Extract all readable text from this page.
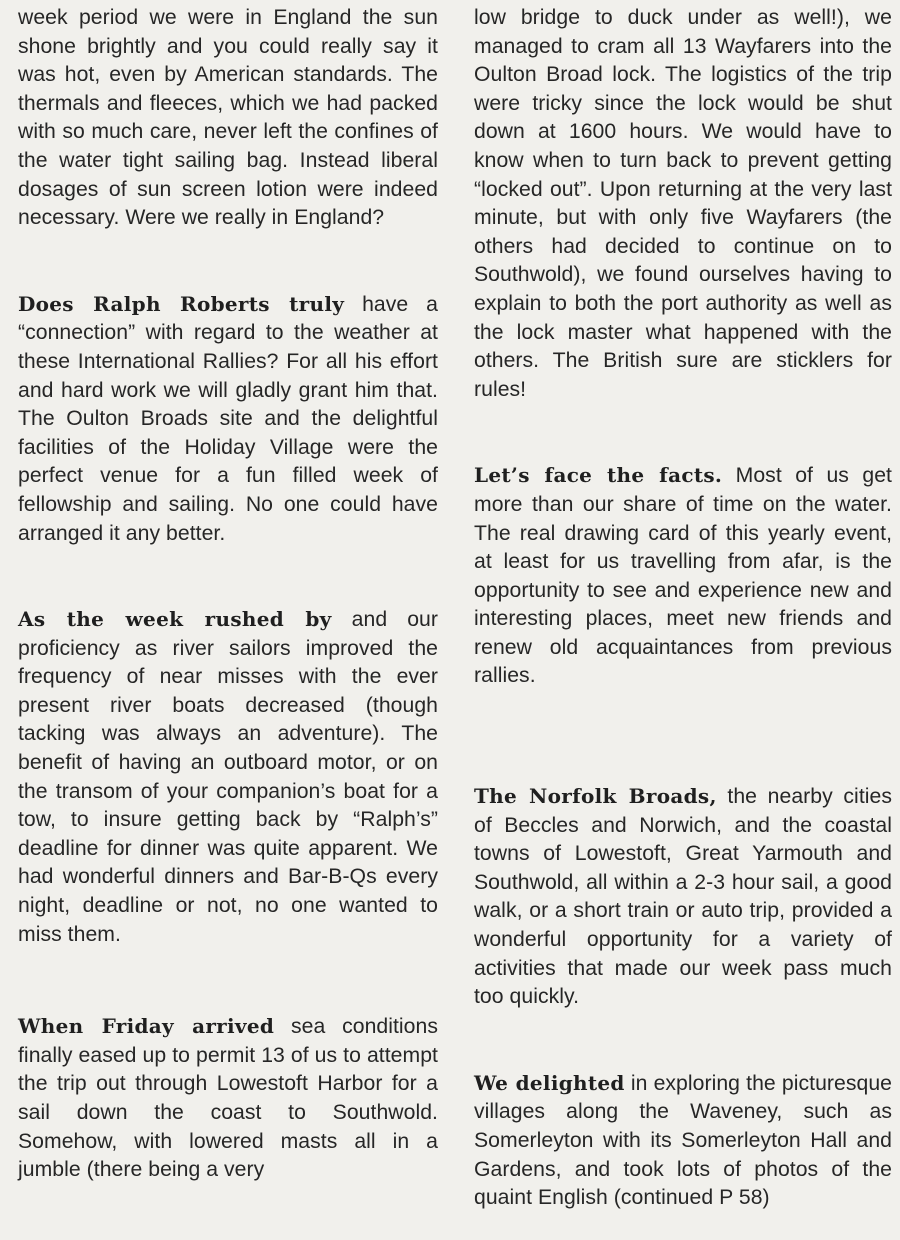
week period we were in England the sun shone brightly and you could really say it was hot, even by American standards. The thermals and fleeces, which we had packed with so much care, never left the confines of the water tight sailing bag. Instead liberal dosages of sun screen lotion were indeed necessary. Were we really in England?

Does Ralph Roberts truly have a “connection” with regard to the weather at these International Rallies? For all his effort and hard work we will gladly grant him that. The Oulton Broads site and the delightful facilities of the Holiday Village were the perfect venue for a fun filled week of fellowship and sailing. No one could have arranged it any better.

As the week rushed by and our proficiency as river sailors improved the frequency of near misses with the ever present river boats decreased (though tacking was always an adventure). The benefit of having an outboard motor, or on the transom of your companion’s boat for a tow, to insure getting back by “Ralph’s” deadline for dinner was quite apparent. We had wonderful dinners and Bar-B-Qs every night, deadline or not, no one wanted to miss them.

When Friday arrived sea conditions finally eased up to permit 13 of us to attempt the trip out through Lowestoft Harbor for a sail down the coast to Southwold. Somehow, with lowered masts all in a jumble (there being a very

low bridge to duck under as well!), we managed to cram all 13 Wayfarers into the Oulton Broad lock. The logistics of the trip were tricky since the lock would be shut down at 1600 hours. We would have to know when to turn back to prevent getting “locked out”. Upon returning at the very last minute, but with only five Wayfarers (the others had decided to continue on to Southwold), we found ourselves having to explain to both the port authority as well as the lock master what happened with the others. The British sure are sticklers for rules!

Let’s face the facts. Most of us get more than our share of time on the water. The real drawing card of this yearly event, at least for us travelling from afar, is the opportunity to see and experience new and interesting places, meet new friends and renew old acquaintances from previous rallies.

The Norfolk Broads, the nearby cities of Beccles and Norwich, and the coastal towns of Lowestoft, Great Yarmouth and Southwold, all within a 2-3 hour sail, a good walk, or a short train or auto trip, provided a wonderful opportunity for a variety of activities that made our week pass much too quickly.

We delighted in exploring the picturesque villages along the Waveney, such as Somerleyton with its Somerleyton Hall and Gardens, and took lots of photos of the quaint English (continued P 58)
